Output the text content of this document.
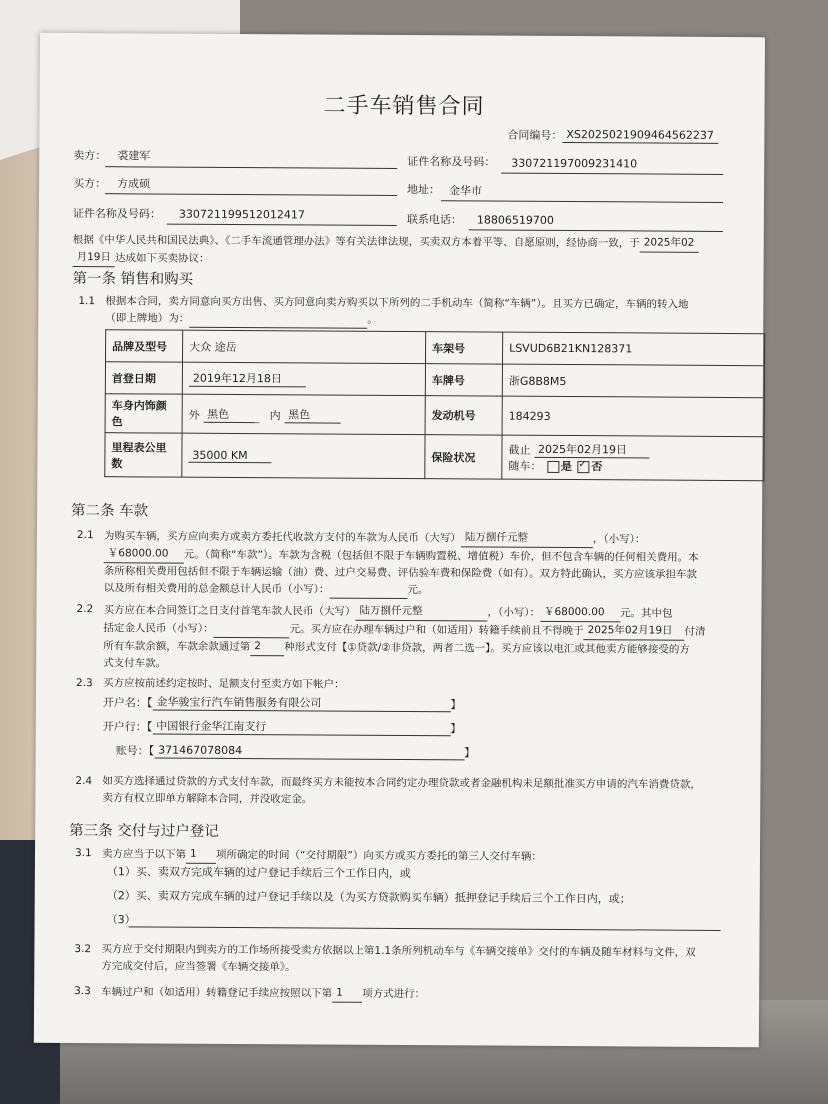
二手车销售合同
合同编号： XS2025021909464562237
卖方： 裘建军	证件名称及号码： 330721197009231410
买方： 方成硕	地址： 金华市
证件名称及号码： 330721199512012417	联系电话： 18806519700
根据《中华人民共和国民法典》、《二手车流通管理办法》等有关法律法规，买卖双方本着平等、自愿原则，经协商一致，于 2025年02
月19日 达成如下买卖协议：
第一条 销售和购买
1.1 根据本合同，卖方同意向买方出售、买方同意向卖方购买以下所列的二手机动车（简称“车辆”）。且买方已确定，车辆的转入地
（即上牌地）为：	。
品牌及型号	大众 途岳	车架号	LSVUD6B21KN128371
首登日期	2019年12月18日	车牌号	浙G8B8M5
车身内饰颜色	外 黑色 内 黑色	发动机号	184293
里程表公里数	35000 KM	保险状况	截止 2025年02月19日
随车： 是 ✓ 否
第二条 车款
2.1 为购买车辆，买方应向卖方或卖方委托代收款方支付的车款为人民币（大写） 陆万捌仟元整	，（小写）：
￥68000.00 元。（简称“车款”）。车款为含税（包括但不限于车辆购置税、增值税）车价，但不包含车辆的任何相关费用。本
条所称相关费用包括但不限于车辆运输（油）费、过户交易费、评估验车费和保险费（如有）。双方特此确认，买方应该承担车款
以及所有相关费用的总金额总计人民币（小写）：	元。
2.2 买方应在本合同签订之日支付首笔车款人民币（大写） 陆万捌仟元整	，（小写）： ￥68000.00 元。其中包
括定金人民币（小写）：	元。买方应在办理车辆过户和（如适用）转籍手续前且不得晚于 2025年02月19日 付清
所有车款余额，车款余款通过第 2 种形式支付【①贷款/②非贷款，两者二选一】。买方应该以电汇或其他卖方能够接受的方
式支付车款。
2.3 买方应按前述约定按时、足额支付至卖方如下帐户：
开户名：【 金华骏宝行汽车销售服务有限公司	】
开户行：【 中国银行金华江南支行	】
账号：【 371467078084	】
2.4 如买方选择通过贷款的方式支付车款，而最终买方未能按本合同约定办理贷款或者金融机构未足额批准买方申请的汽车消费贷款，
卖方有权立即单方解除本合同，并没收定金。
第三条 交付与过户登记
3.1 卖方应当于以下第 1 项所确定的时间（“交付期限”）向买方或买方委托的第三人交付车辆：
（1）买、卖双方完成车辆的过户登记手续后三个工作日内，或
（2）买、卖双方完成车辆的过户登记手续以及（为买方贷款购买车辆）抵押登记手续后三个工作日内，或；
（3）
3.2 买方应于交付期限内到卖方的工作场所接受卖方依据以上第1.1条所列机动车与《车辆交接单》交付的车辆及随车材料与文件，双
方完成交付后，应当签署《车辆交接单》。
3.3 车辆过户和（如适用）转籍登记手续应按照以下第 1 项方式进行：
